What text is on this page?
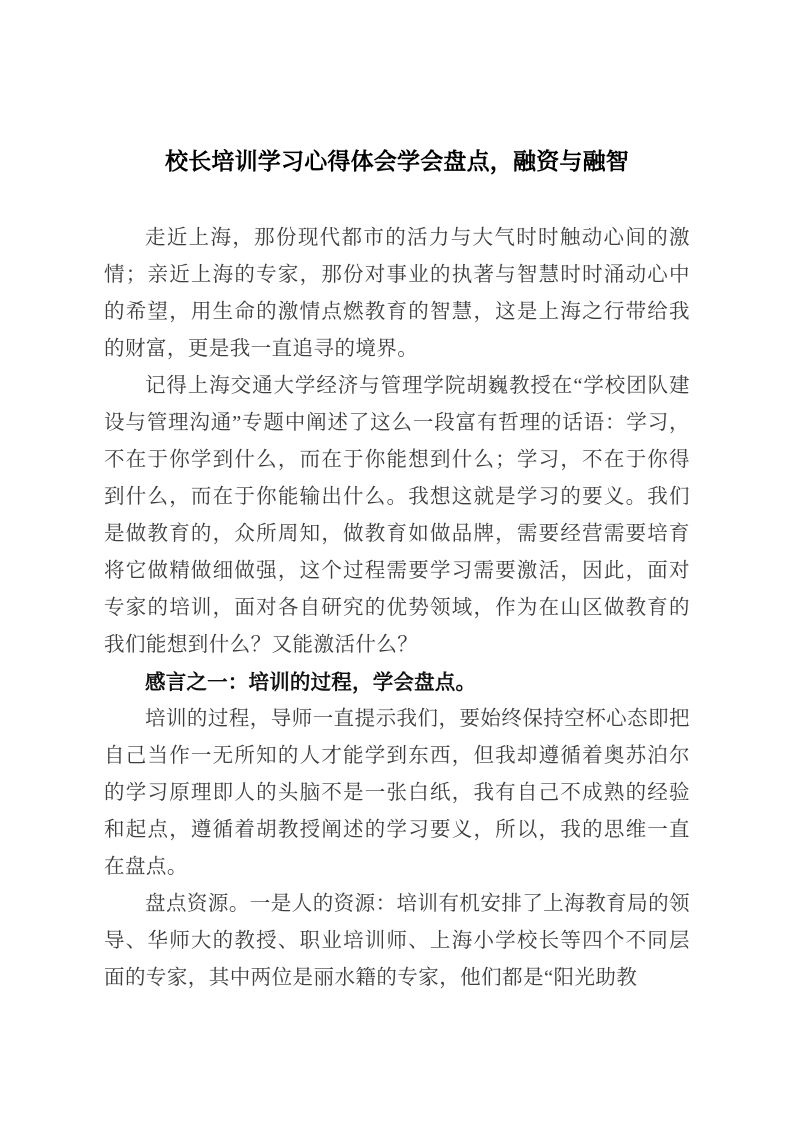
校长培训学习心得体会学会盘点，融资与融智

走近上海，那份现代都市的活力与大气时时触动心间的激情；亲近上海的专家，那份对事业的执著与智慧时时涌动心中的希望，用生命的激情点燃教育的智慧，这是上海之行带给我的财富，更是我一直追寻的境界。

记得上海交通大学经济与管理学院胡巍教授在“学校团队建设与管理沟通”专题中阐述了这么一段富有哲理的话语：学习，不在于你学到什么，而在于你能想到什么；学习，不在于你得到什么，而在于你能输出什么。我想这就是学习的要义。我们是做教育的，众所周知，做教育如做品牌，需要经营需要培育将它做精做细做强，这个过程需要学习需要激活，因此，面对专家的培训，面对各自研究的优势领域，作为在山区做教育的我们能想到什么？又能激活什么？

感言之一：培训的过程，学会盘点。

培训的过程，导师一直提示我们，要始终保持空杯心态即把自己当作一无所知的人才能学到东西，但我却遵循着奥苏泊尔的学习原理即人的头脑不是一张白纸，我有自己不成熟的经验和起点，遵循着胡教授阐述的学习要义，所以，我的思维一直在盘点。

盘点资源。一是人的资源：培训有机安排了上海教育局的领导、华师大的教授、职业培训师、上海小学校长等四个不同层面的专家，其中两位是丽水籍的专家，他们都是“阳光助教
